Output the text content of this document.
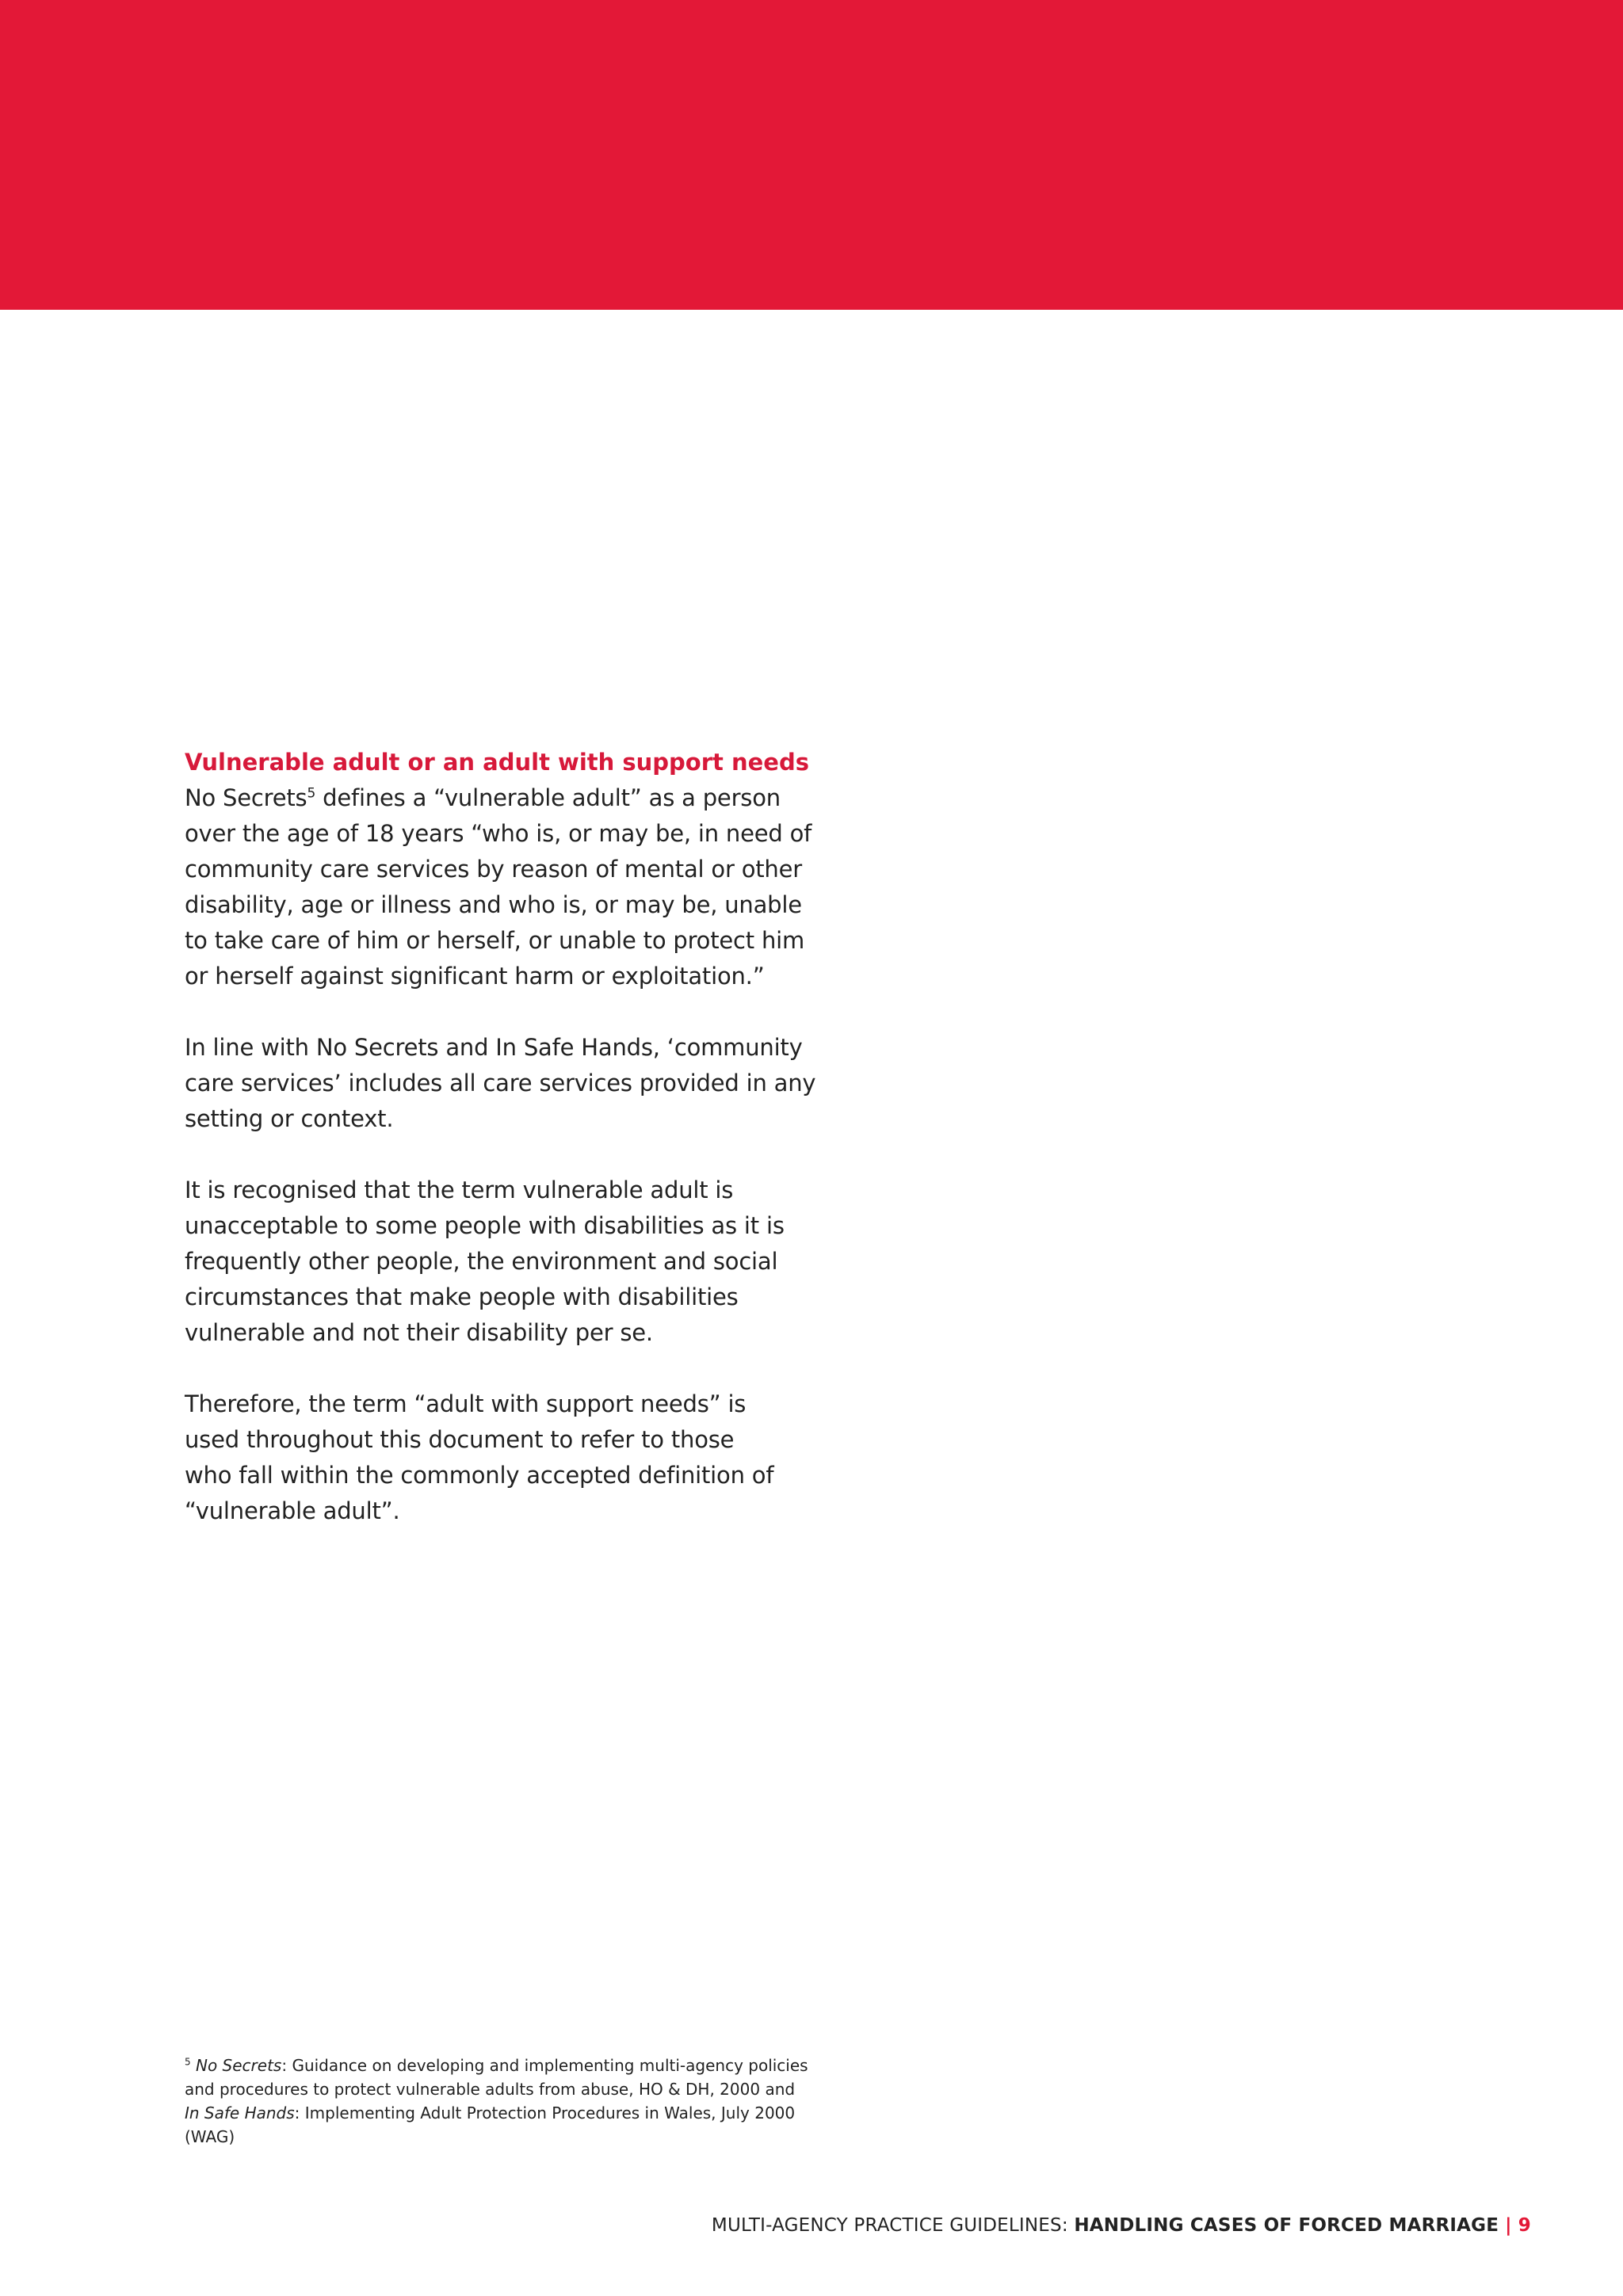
Vulnerable adult or an adult with support needs

No Secrets$^5$ defines a “vulnerable adult” as a person
over the age of 18 years “who is, or may be, in need of
community care services by reason of mental or other
disability, age or illness and who is, or may be, unable
to take care of him or herself, or unable to protect him
or herself against significant harm or exploitation.”

In line with No Secrets and In Safe Hands, ‘community
care services’ includes all care services provided in any
setting or context.

It is recognised that the term vulnerable adult is
unacceptable to some people with disabilities as it is
frequently other people, the environment and social
circumstances that make people with disabilities
vulnerable and not their disability per se.

Therefore, the term “adult with support needs” is
used throughout this document to refer to those
who fall within the commonly accepted definition of
“vulnerable adult”.

$^5$ No Secrets: Guidance on developing and implementing multi-agency policies
and procedures to protect vulnerable adults from abuse, HO & DH, 2000 and
In Safe Hands: Implementing Adult Protection Procedures in Wales, July 2000
(WAG)
MULTI-AGENCY PRACTICE GUIDELINES: HANDLING CASES OF FORCED MARRIAGE | 9
